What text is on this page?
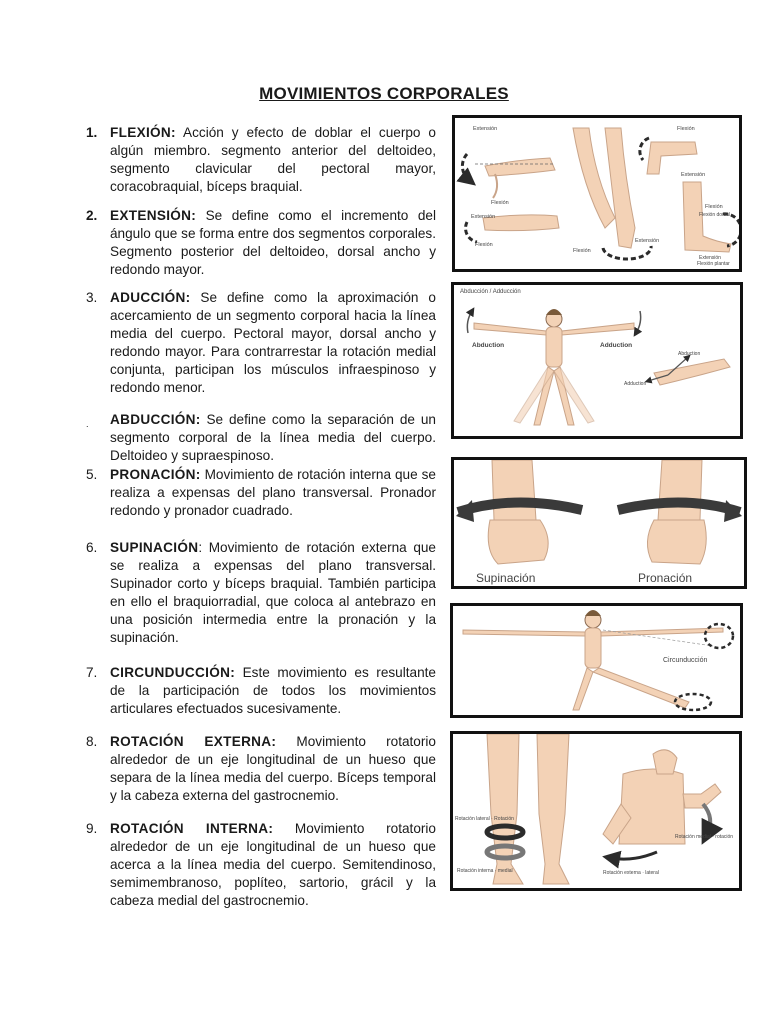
MOVIMIENTOS CORPORALES
1. FLEXIÓN: Acción y efecto de doblar el cuerpo o algún miembro. segmento anterior del deltoideo, segmento clavicular del pectoral mayor, coracobraquial, bíceps braquial.
2. EXTENSIÓN: Se define como el incremento del ángulo que se forma entre dos segmentos corporales. Segmento posterior del deltoideo, dorsal ancho y redondo mayor.
3. ADUCCIÓN: Se define como la aproximación o acercamiento de un segmento corporal hacia la línea media del cuerpo. Pectoral mayor, dorsal ancho y redondo mayor. Para contrarrestar la rotación medial conjunta, participan los músculos infraespinoso y redondo menor.
. ABDUCCIÓN: Se define como la separación de un segmento corporal de la línea media del cuerpo. Deltoideo y supraespinoso.
5. PRONACIÓN: Movimiento de rotación interna que se realiza a expensas del plano transversal. Pronador redondo y pronador cuadrado.
6. SUPINACIÓN: Movimiento de rotación externa que se realiza a expensas del plano transversal. Supinador corto y bíceps braquial. También participa en ello el braquiorradial, que coloca al antebrazo en una posición intermedia entre la pronación y la supinación.
7. CIRCUNDUCCIÓN: Este movimiento es resultante de la participación de todos los movimientos articulares efectuados sucesivamente.
8. ROTACIÓN EXTERNA: Movimiento rotatorio alrededor de un eje longitudinal de un hueso que separa de la línea media del cuerpo. Bíceps temporal y la cabeza externa del gastrocnemio.
9. ROTACIÓN INTERNA: Movimiento rotatorio alrededor de un eje longitudinal de un hueso que acerca a la línea media del cuerpo. Semitendinoso, semimembranoso, poplíteo, sartorio, grácil y la cabeza medial del gastrocnemio.
Extensión
Flexión
Extensión
Flexión
Flexión
Extensión
Flexión
Extensión
Flexión
Flexión dorsal
Extensión
Flexión plantar
Abducción / Adducción
Abduction	Adduction
Abduction
Adduction
Supinación	Pronación
Circunducción
Rotación lateral · Rotación
Rotación interna · medial
Rotación medial · rotación
Rotación externa · lateral
